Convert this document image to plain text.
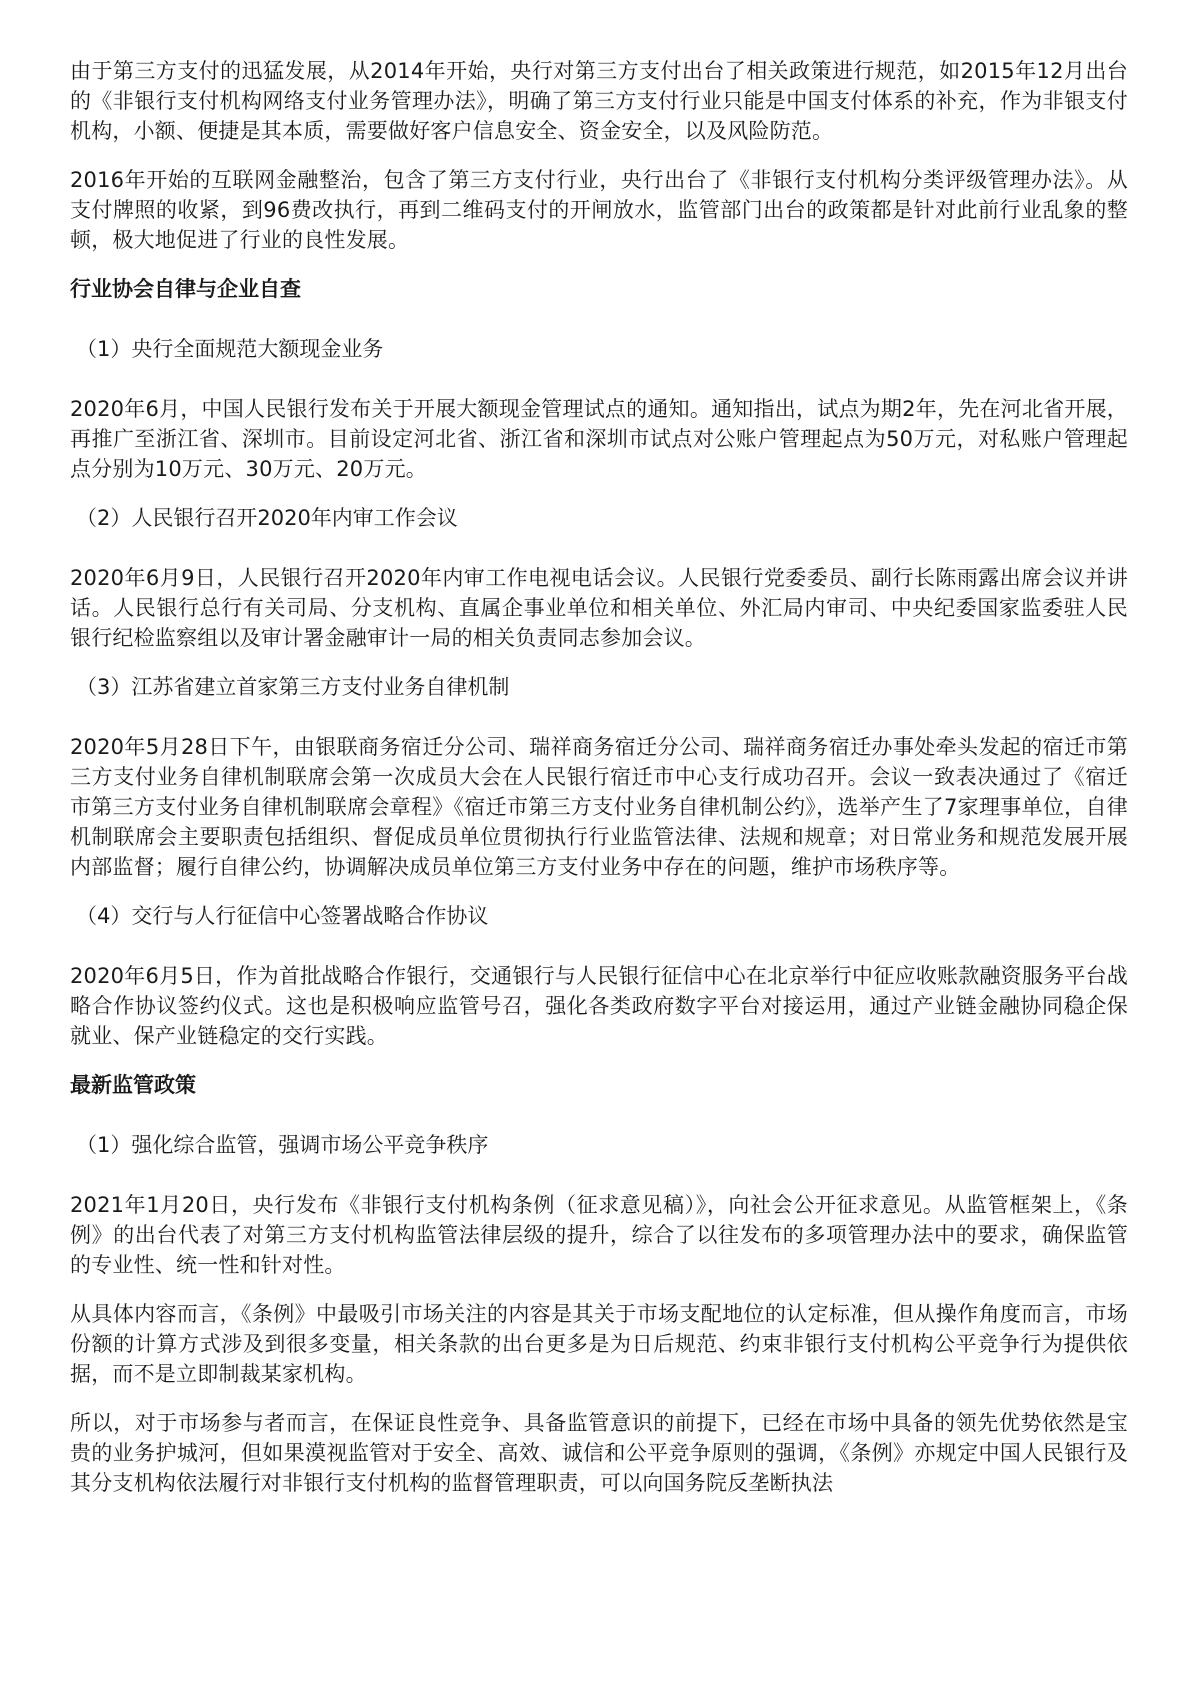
由于第三方支付的迅猛发展，从2014年开始，央行对第三方支付出台了相关政策进行规范，如2015年12月出台的《非银行支付机构网络支付业务管理办法》，明确了第三方支付行业只能是中国支付体系的补充，作为非银支付机构，小额、便捷是其本质，需要做好客户信息安全、资金安全，以及风险防范。

2016年开始的互联网金融整治，包含了第三方支付行业，央行出台了《非银行支付机构分类评级管理办法》。从支付牌照的收紧，到96费改执行，再到二维码支付的开闸放水，监管部门出台的政策都是针对此前行业乱象的整顿，极大地促进了行业的良性发展。

行业协会自律与企业自查
（1）央行全面规范大额现金业务

2020年6月，中国人民银行发布关于开展大额现金管理试点的通知。通知指出，试点为期2年，先在河北省开展，再推广至浙江省、深圳市。目前设定河北省、浙江省和深圳市试点对公账户管理起点为50万元，对私账户管理起点分别为10万元、30万元、20万元。

（2）人民银行召开2020年内审工作会议

2020年6月9日，人民银行召开2020年内审工作电视电话会议。人民银行党委委员、副行长陈雨露出席会议并讲话。人民银行总行有关司局、分支机构、直属企事业单位和相关单位、外汇局内审司、中央纪委国家监委驻人民银行纪检监察组以及审计署金融审计一局的相关负责同志参加会议。

（3）江苏省建立首家第三方支付业务自律机制

2020年5月28日下午，由银联商务宿迁分公司、瑞祥商务宿迁分公司、瑞祥商务宿迁办事处牵头发起的宿迁市第三方支付业务自律机制联席会第一次成员大会在人民银行宿迁市中心支行成功召开。会议一致表决通过了《宿迁市第三方支付业务自律机制联席会章程》《宿迁市第三方支付业务自律机制公约》，选举产生了7家理事单位，自律机制联席会主要职责包括组织、督促成员单位贯彻执行行业监管法律、法规和规章；对日常业务和规范发展开展内部监督；履行自律公约，协调解决成员单位第三方支付业务中存在的问题，维护市场秩序等。

（4）交行与人行征信中心签署战略合作协议

2020年6月5日，作为首批战略合作银行，交通银行与人民银行征信中心在北京举行中征应收账款融资服务平台战略合作协议签约仪式。这也是积极响应监管号召，强化各类政府数字平台对接运用，通过产业链金融协同稳企保就业、保产业链稳定的交行实践。

最新监管政策
（1）强化综合监管，强调市场公平竞争秩序

2021年1月20日，央行发布《非银行支付机构条例（征求意见稿）》，向社会公开征求意见。从监管框架上，《条例》的出台代表了对第三方支付机构监管法律层级的提升，综合了以往发布的多项管理办法中的要求，确保监管的专业性、统一性和针对性。

从具体内容而言，《条例》中最吸引市场关注的内容是其关于市场支配地位的认定标准，但从操作角度而言，市场份额的计算方式涉及到很多变量，相关条款的出台更多是为日后规范、约束非银行支付机构公平竞争行为提供依据，而不是立即制裁某家机构。

所以，对于市场参与者而言，在保证良性竞争、具备监管意识的前提下，已经在市场中具备的领先优势依然是宝贵的业务护城河，但如果漠视监管对于安全、高效、诚信和公平竞争原则的强调，《条例》亦规定中国人民银行及其分支机构依法履行对非银行支付机构的监督管理职责，可以向国务院反垄断执法
